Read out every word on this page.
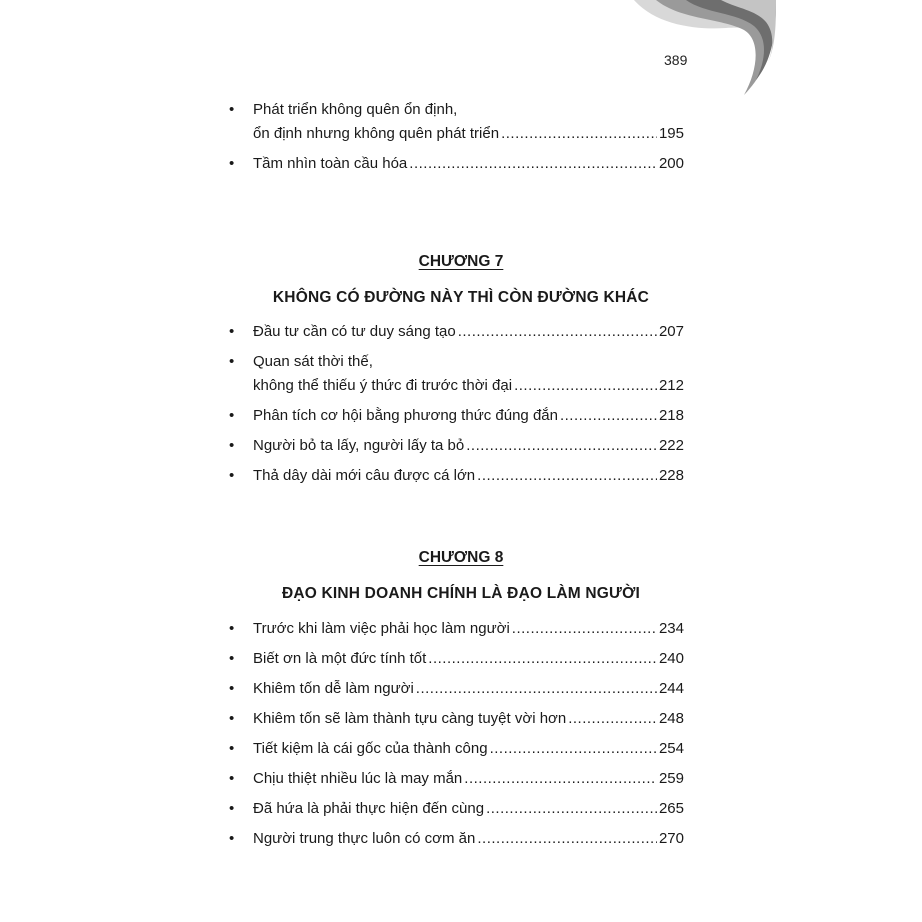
389
• Phát triển không quên ổn định,
ổn định nhưng không quên phát triển .....	195
• Tầm nhìn toàn cầu hóa .....	200
CHƯƠNG 7
KHÔNG CÓ ĐƯỜNG NÀY THÌ CÒN ĐƯỜNG KHÁC
• Đầu tư cần có tư duy sáng tạo .....	207
• Quan sát thời thế,
không thể thiếu ý thức đi trước thời đại .....	212
• Phân tích cơ hội bằng phương thức đúng đắn .....	218
• Người bỏ ta lấy, người lấy ta bỏ .....	222
• Thả dây dài mới câu được cá lớn .....	228
CHƯƠNG 8
ĐẠO KINH DOANH CHÍNH LÀ ĐẠO LÀM NGƯỜI
• Trước khi làm việc phải học làm người .....	234
• Biết ơn là một đức tính tốt .....	240
• Khiêm tốn dễ làm người .....	244
• Khiêm tốn sẽ làm thành tựu càng tuyệt vời hơn .....	248
• Tiết kiệm là cái gốc của thành công .....	254
• Chịu thiệt nhiều lúc là may mắn .....	259
• Đã hứa là phải thực hiện đến cùng .....	265
• Người trung thực luôn có cơm ăn .....	270
